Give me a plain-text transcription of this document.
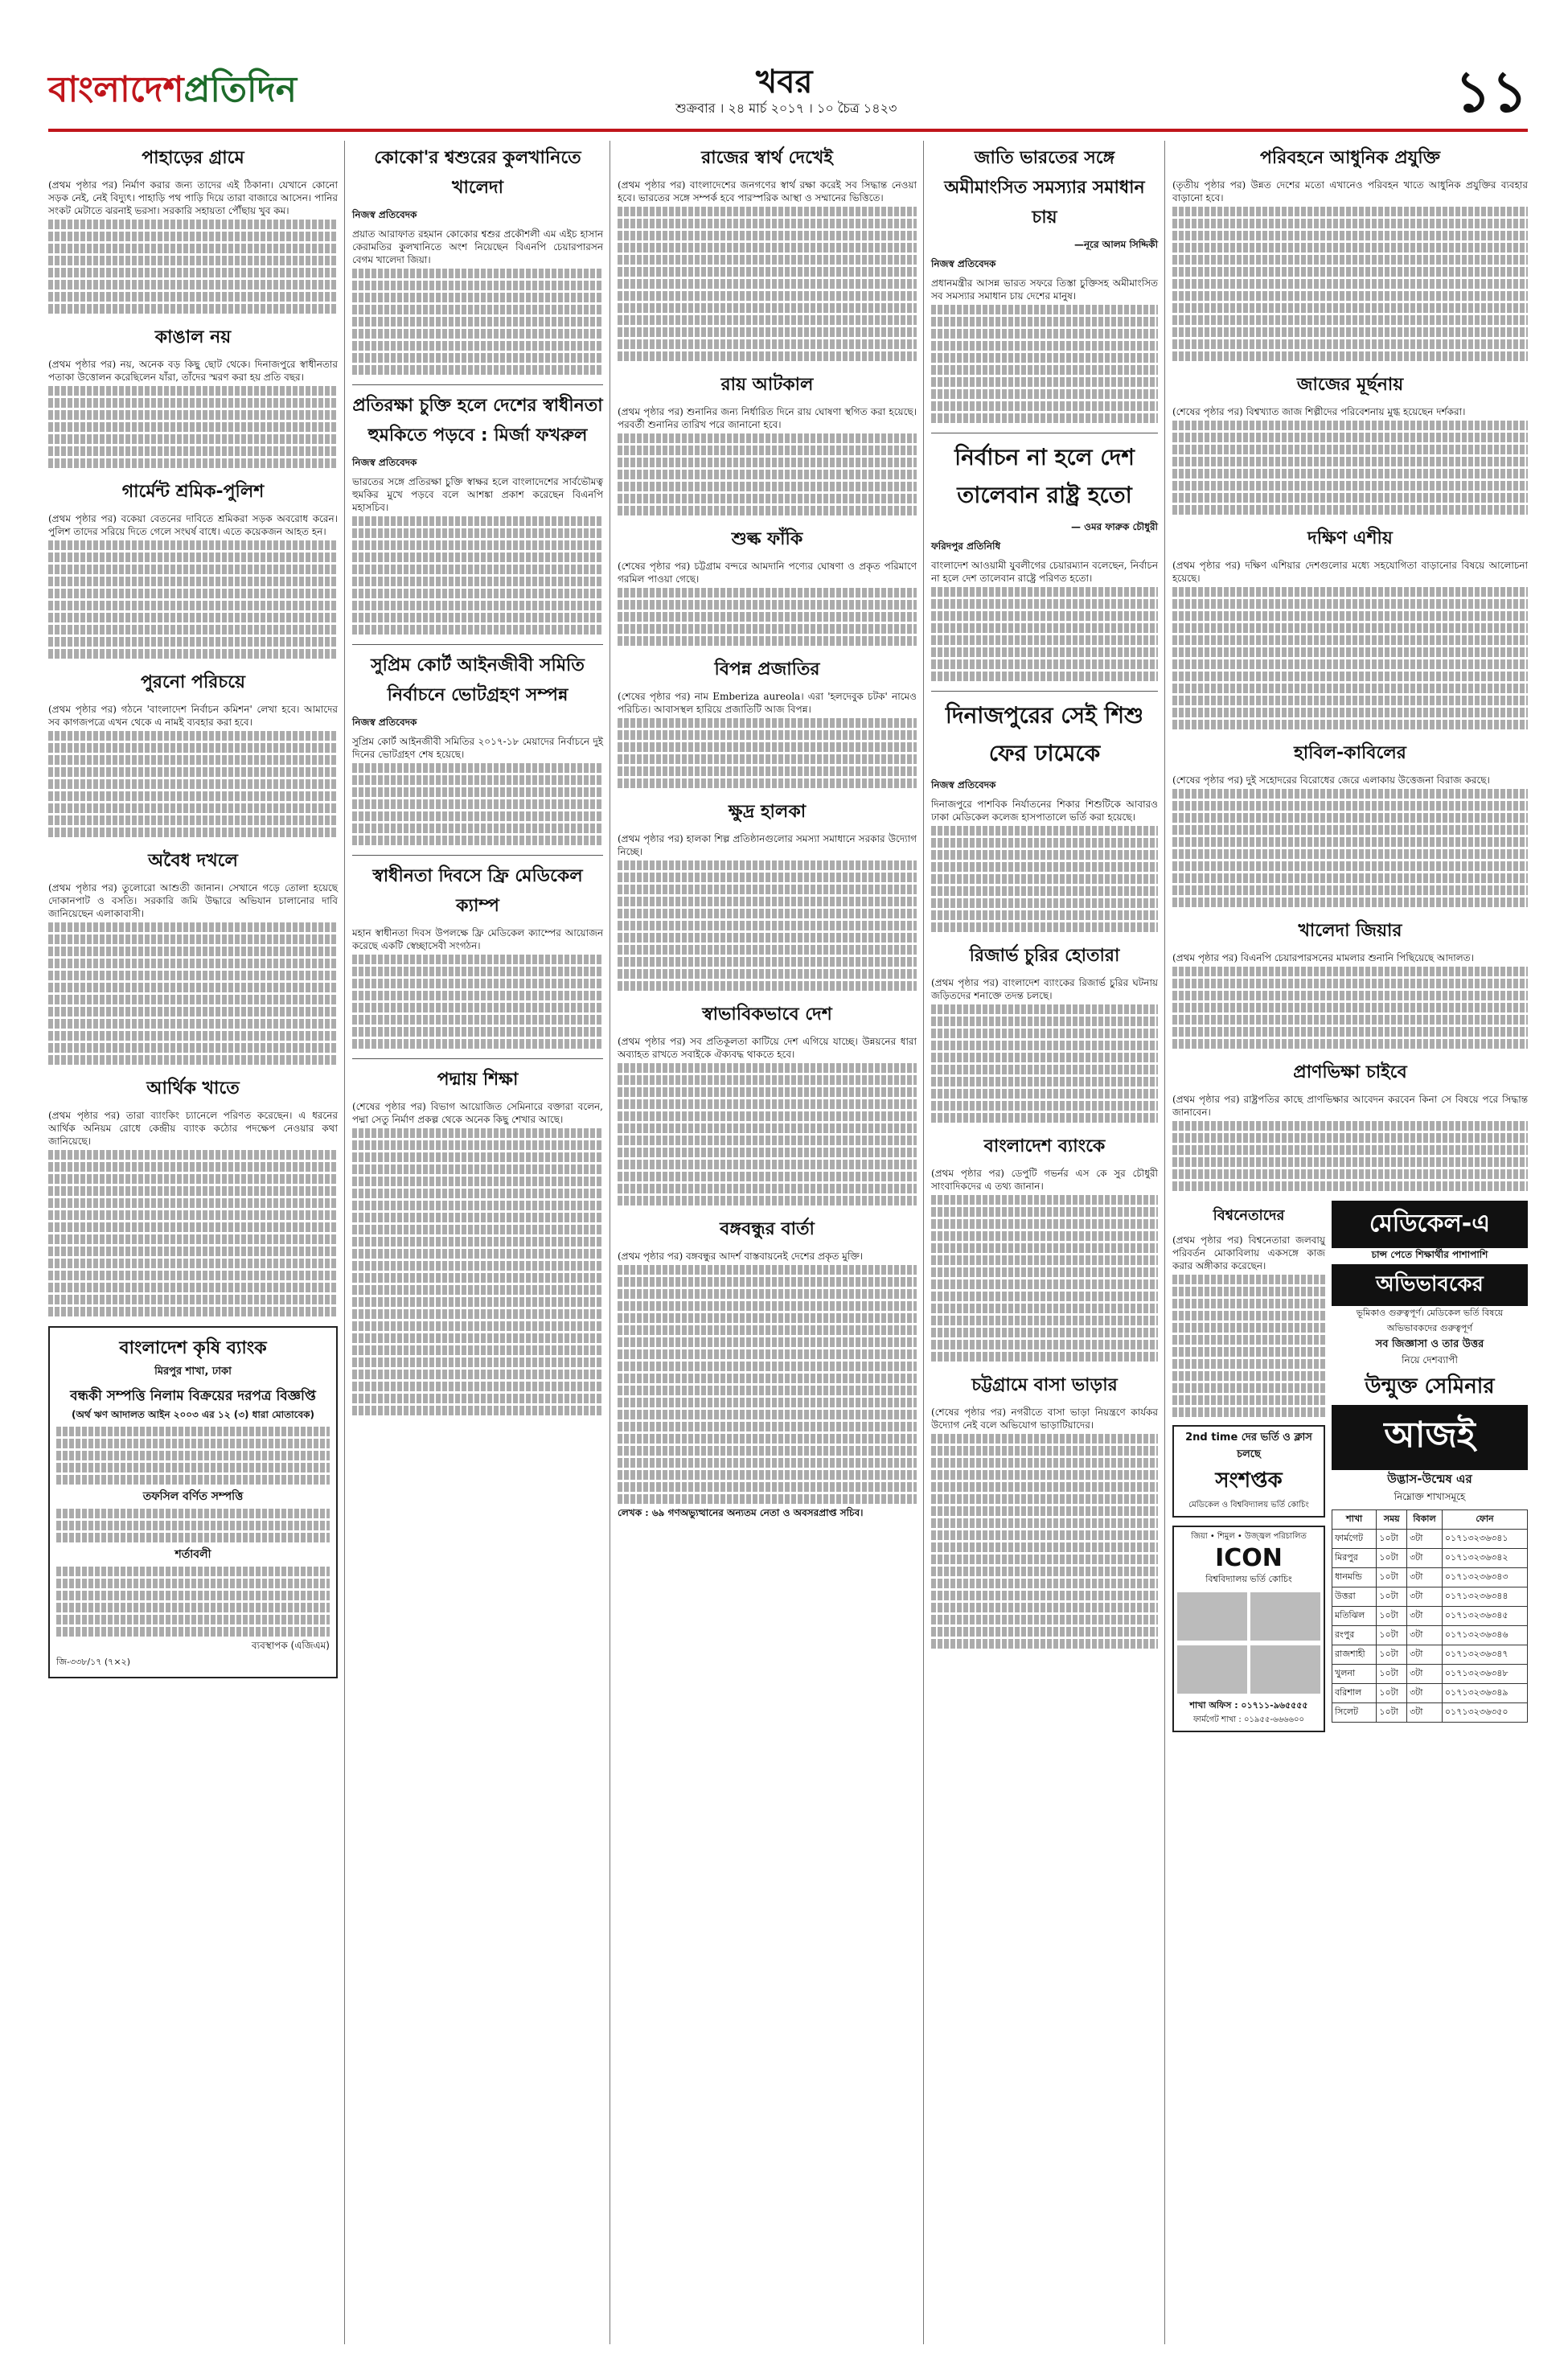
বাংলাদেশপ্রতিদিন	খবর
শুক্রবার । ২৪ মার্চ ২০১৭ । ১০ চৈত্র ১৪২৩	১১
পাহাড়ের গ্রামে

(প্রথম পৃষ্ঠার পর) নির্মাণ করার জন্য তাদের এই ঠিকানা। যেখানে কোনো সড়ক নেই, নেই বিদ্যুৎ। পাহাড়ি পথ পাড়ি দিয়ে তারা বাজারে আসেন। পানির সংকট মেটাতে ঝরনাই ভরসা। সরকারি সহায়তা পৌঁছায় খুব কম।

কাঙাল নয়

(প্রথম পৃষ্ঠার পর) নয়, অনেক বড় কিছু ছোট থেকে। দিনাজপুরে স্বাধীনতার পতাকা উত্তোলন করেছিলেন যাঁরা, তাঁদের স্মরণ করা হয় প্রতি বছর।

গার্মেন্ট শ্রমিক-পুলিশ

(প্রথম পৃষ্ঠার পর) বকেয়া বেতনের দাবিতে শ্রমিকরা সড়ক অবরোধ করেন। পুলিশ তাদের সরিয়ে দিতে গেলে সংঘর্ষ বাধে। এতে কয়েকজন আহত হন।

পুরনো পরিচয়ে

(প্রথম পৃষ্ঠার পর) গঠনে 'বাংলাদেশ নির্বাচন কমিশন' লেখা হবে। আমাদের সব কাগজপত্রে এখন থেকে এ নামই ব্যবহার করা হবে।

অবৈধ দখলে

(প্রথম পৃষ্ঠার পর) তুলোরো আশুতী জানান। সেখানে গড়ে তোলা হয়েছে দোকানপাট ও বসতি। সরকারি জমি উদ্ধারে অভিযান চালানোর দাবি জানিয়েছেন এলাকাবাসী।

আর্থিক খাতে

(প্রথম পৃষ্ঠার পর) তারা ব্যাংকিং চ্যানেলে পরিণত করেছেন। এ ধরনের আর্থিক অনিয়ম রোধে কেন্দ্রীয় ব্যাংক কঠোর পদক্ষেপ নেওয়ার কথা জানিয়েছে।

বাংলাদেশ কৃষি ব্যাংক
মিরপুর শাখা, ঢাকা
বন্ধকী সম্পত্তি নিলাম বিক্রয়ের দরপত্র বিজ্ঞপ্তি
(অর্থ ঋণ আদালত আইন ২০০৩ এর ১২ (৩) ধারা মোতাবেক)
তফসিল বর্ণিত সম্পত্তি
শর্তাবলী
ব্যবস্থাপক (এজিএম)
জি-৩৩৮/১৭ (৭×২)
কোকো'র শ্বশুরের কুলখানিতে খালেদা
নিজস্ব প্রতিবেদক

প্রয়াত আরাফাত রহমান কোকোর শ্বশুর প্রকৌশলী এম এইচ হাসান কেরামতির কুলখানিতে অংশ নিয়েছেন বিএনপি চেয়ারপারসন বেগম খালেদা জিয়া।

প্রতিরক্ষা চুক্তি হলে দেশের স্বাধীনতা হুমকিতে পড়বে : মির্জা ফখরুল
নিজস্ব প্রতিবেদক

ভারতের সঙ্গে প্রতিরক্ষা চুক্তি স্বাক্ষর হলে বাংলাদেশের সার্বভৌমত্ব হুমকির মুখে পড়বে বলে আশঙ্কা প্রকাশ করেছেন বিএনপি মহাসচিব।

সুপ্রিম কোর্ট আইনজীবী সমিতি নির্বাচনে ভোটগ্রহণ সম্পন্ন
নিজস্ব প্রতিবেদক

সুপ্রিম কোর্ট আইনজীবী সমিতির ২০১৭-১৮ মেয়াদের নির্বাচনে দুই দিনের ভোটগ্রহণ শেষ হয়েছে।

স্বাধীনতা দিবসে ফ্রি মেডিকেল ক্যাম্প

মহান স্বাধীনতা দিবস উপলক্ষে ফ্রি মেডিকেল ক্যাম্পের আয়োজন করেছে একটি স্বেচ্ছাসেবী সংগঠন।

পদ্মায় শিক্ষা

(শেষের পৃষ্ঠার পর) বিভাগ আয়োজিত সেমিনারে বক্তারা বলেন, পদ্মা সেতু নির্মাণ প্রকল্প থেকে অনেক কিছু শেখার আছে।

রাজের স্বার্থ দেখেই

(প্রথম পৃষ্ঠার পর) বাংলাদেশের জনগণের স্বার্থ রক্ষা করেই সব সিদ্ধান্ত নেওয়া হবে। ভারতের সঙ্গে সম্পর্ক হবে পারস্পরিক আস্থা ও সম্মানের ভিত্তিতে।

রায় আটকাল

(প্রথম পৃষ্ঠার পর) শুনানির জন্য নির্ধারিত দিনে রায় ঘোষণা স্থগিত করা হয়েছে। পরবর্তী শুনানির তারিখ পরে জানানো হবে।

শুল্ক ফাঁকি

(শেষের পৃষ্ঠার পর) চট্টগ্রাম বন্দরে আমদানি পণ্যের ঘোষণা ও প্রকৃত পরিমাণে গরমিল পাওয়া গেছে।

বিপন্ন প্রজাতির

(শেষের পৃষ্ঠার পর) নাম Emberiza aureola। এরা 'হলদেবুক চটক' নামেও পরিচিত। আবাসস্থল হারিয়ে প্রজাতিটি আজ বিপন্ন।

ক্ষুদ্র হালকা

(প্রথম পৃষ্ঠার পর) হালকা শিল্প প্রতিষ্ঠানগুলোর সমস্যা সমাধানে সরকার উদ্যোগ নিচ্ছে।

স্বাভাবিকভাবে দেশ

(প্রথম পৃষ্ঠার পর) সব প্রতিকূলতা কাটিয়ে দেশ এগিয়ে যাচ্ছে। উন্নয়নের ধারা অব্যাহত রাখতে সবাইকে ঐক্যবদ্ধ থাকতে হবে।

বঙ্গবন্ধুর বার্তা

(প্রথম পৃষ্ঠার পর) বঙ্গবন্ধুর আদর্শ বাস্তবায়নেই দেশের প্রকৃত মুক্তি।

লেখক : ৬৯ গণঅভ্যুত্থানের অন্যতম নেতা ও অবসরপ্রাপ্ত সচিব।

জাতি ভারতের সঙ্গে অমীমাংসিত সমস্যার সমাধান চায়
—নূরে আলম সিদ্দিকী
নিজস্ব প্রতিবেদক

প্রধানমন্ত্রীর আসন্ন ভারত সফরে তিস্তা চুক্তিসহ অমীমাংসিত সব সমস্যার সমাধান চায় দেশের মানুষ।

নির্বাচন না হলে দেশ তালেবান রাষ্ট্র হতো
— ওমর ফারুক চৌধুরী
ফরিদপুর প্রতিনিধি

বাংলাদেশ আওয়ামী যুবলীগের চেয়ারম্যান বলেছেন, নির্বাচন না হলে দেশ তালেবান রাষ্ট্রে পরিণত হতো।

দিনাজপুরের সেই শিশু ফের ঢামেকে
নিজস্ব প্রতিবেদক

দিনাজপুরে পাশবিক নির্যাতনের শিকার শিশুটিকে আবারও ঢাকা মেডিকেল কলেজ হাসপাতালে ভর্তি করা হয়েছে।

রিজার্ভ চুরির হোতারা

(প্রথম পৃষ্ঠার পর) বাংলাদেশ ব্যাংকের রিজার্ভ চুরির ঘটনায় জড়িতদের শনাক্তে তদন্ত চলছে।

বাংলাদেশ ব্যাংকে

(প্রথম পৃষ্ঠার পর) ডেপুটি গভর্নর এস কে সুর চৌধুরী সাংবাদিকদের এ তথ্য জানান।

চট্টগ্রামে বাসা ভাড়ার

(শেষের পৃষ্ঠার পর) নগরীতে বাসা ভাড়া নিয়ন্ত্রণে কার্যকর উদ্যোগ নেই বলে অভিযোগ ভাড়াটিয়াদের।

পরিবহনে আধুনিক প্রযুক্তি

(তৃতীয় পৃষ্ঠার পর) উন্নত দেশের মতো এখানেও পরিবহন খাতে আধুনিক প্রযুক্তির ব্যবহার বাড়ানো হবে।

জাজের মূর্ছনায়

(শেষের পৃষ্ঠার পর) বিশ্বখ্যাত জাজ শিল্পীদের পরিবেশনায় মুগ্ধ হয়েছেন দর্শকরা।

দক্ষিণ এশীয়

(প্রথম পৃষ্ঠার পর) দক্ষিণ এশিয়ার দেশগুলোর মধ্যে সহযোগিতা বাড়ানোর বিষয়ে আলোচনা হয়েছে।

হাবিল-কাবিলের

(শেষের পৃষ্ঠার পর) দুই সহোদরের বিরোধের জেরে এলাকায় উত্তেজনা বিরাজ করছে।

খালেদা জিয়ার

(প্রথম পৃষ্ঠার পর) বিএনপি চেয়ারপারসনের মামলার শুনানি পিছিয়েছে আদালত।

প্রাণভিক্ষা চাইবে

(প্রথম পৃষ্ঠার পর) রাষ্ট্রপতির কাছে প্রাণভিক্ষার আবেদন করবেন কিনা সে বিষয়ে পরে সিদ্ধান্ত জানাবেন।

বিশ্বনেতাদের

(প্রথম পৃষ্ঠার পর) বিশ্বনেতারা জলবায়ু পরিবর্তন মোকাবিলায় একসঙ্গে কাজ করার অঙ্গীকার করেছেন।

2nd time দের ভর্তি ও ক্লাস চলছে
সংশপ্তক
মেডিকেল ও বিশ্ববিদ্যালয় ভর্তি কোচিং
জিয়া • শিমুল • উজ্জ্বল পরিচালিত
ICON
বিশ্ববিদ্যালয় ভর্তি কোচিং
শাখা অফিস : ০১৭১১-৯৬৫৫৫৫
ফার্মগেট শাখা : ০১৯৫৫-৬৬৬৬০০
মেডিকেল-এ
চান্স পেতে শিক্ষার্থীর পাশাপাশি
অভিভাবকের
ভূমিকাও গুরুত্বপূর্ণ। মেডিকেল ভর্তি বিষয়ে অভিভাবকদের গুরুত্বপূর্ণ
সব জিজ্ঞাসা ও তার উত্তর
নিয়ে দেশব্যাপী
উন্মুক্ত সেমিনার
আজই
উদ্ভাস-উন্মেষ এর
নিম্নোক্ত শাখাসমূহে
শাখা	সময়	বিকাল	ফোন
ফার্মগেট	১০টা	৩টা	০১৭১৩২৩৬৩৪১
মিরপুর	১০টা	৩টা	০১৭১৩২৩৬৩৪২
ধানমন্ডি	১০টা	৩টা	০১৭১৩২৩৬৩৪৩
উত্তরা	১০টা	৩টা	০১৭১৩২৩৬৩৪৪
মতিঝিল	১০টা	৩টা	০১৭১৩২৩৬৩৪৫
রংপুর	১০টা	৩টা	০১৭১৩২৩৬৩৪৬
রাজশাহী	১০টা	৩টা	০১৭১৩২৩৬৩৪৭
খুলনা	১০টা	৩টা	০১৭১৩২৩৬৩৪৮
বরিশাল	১০টা	৩টা	০১৭১৩২৩৬৩৪৯
সিলেট	১০টা	৩টা	০১৭১৩২৩৬৩৫০
